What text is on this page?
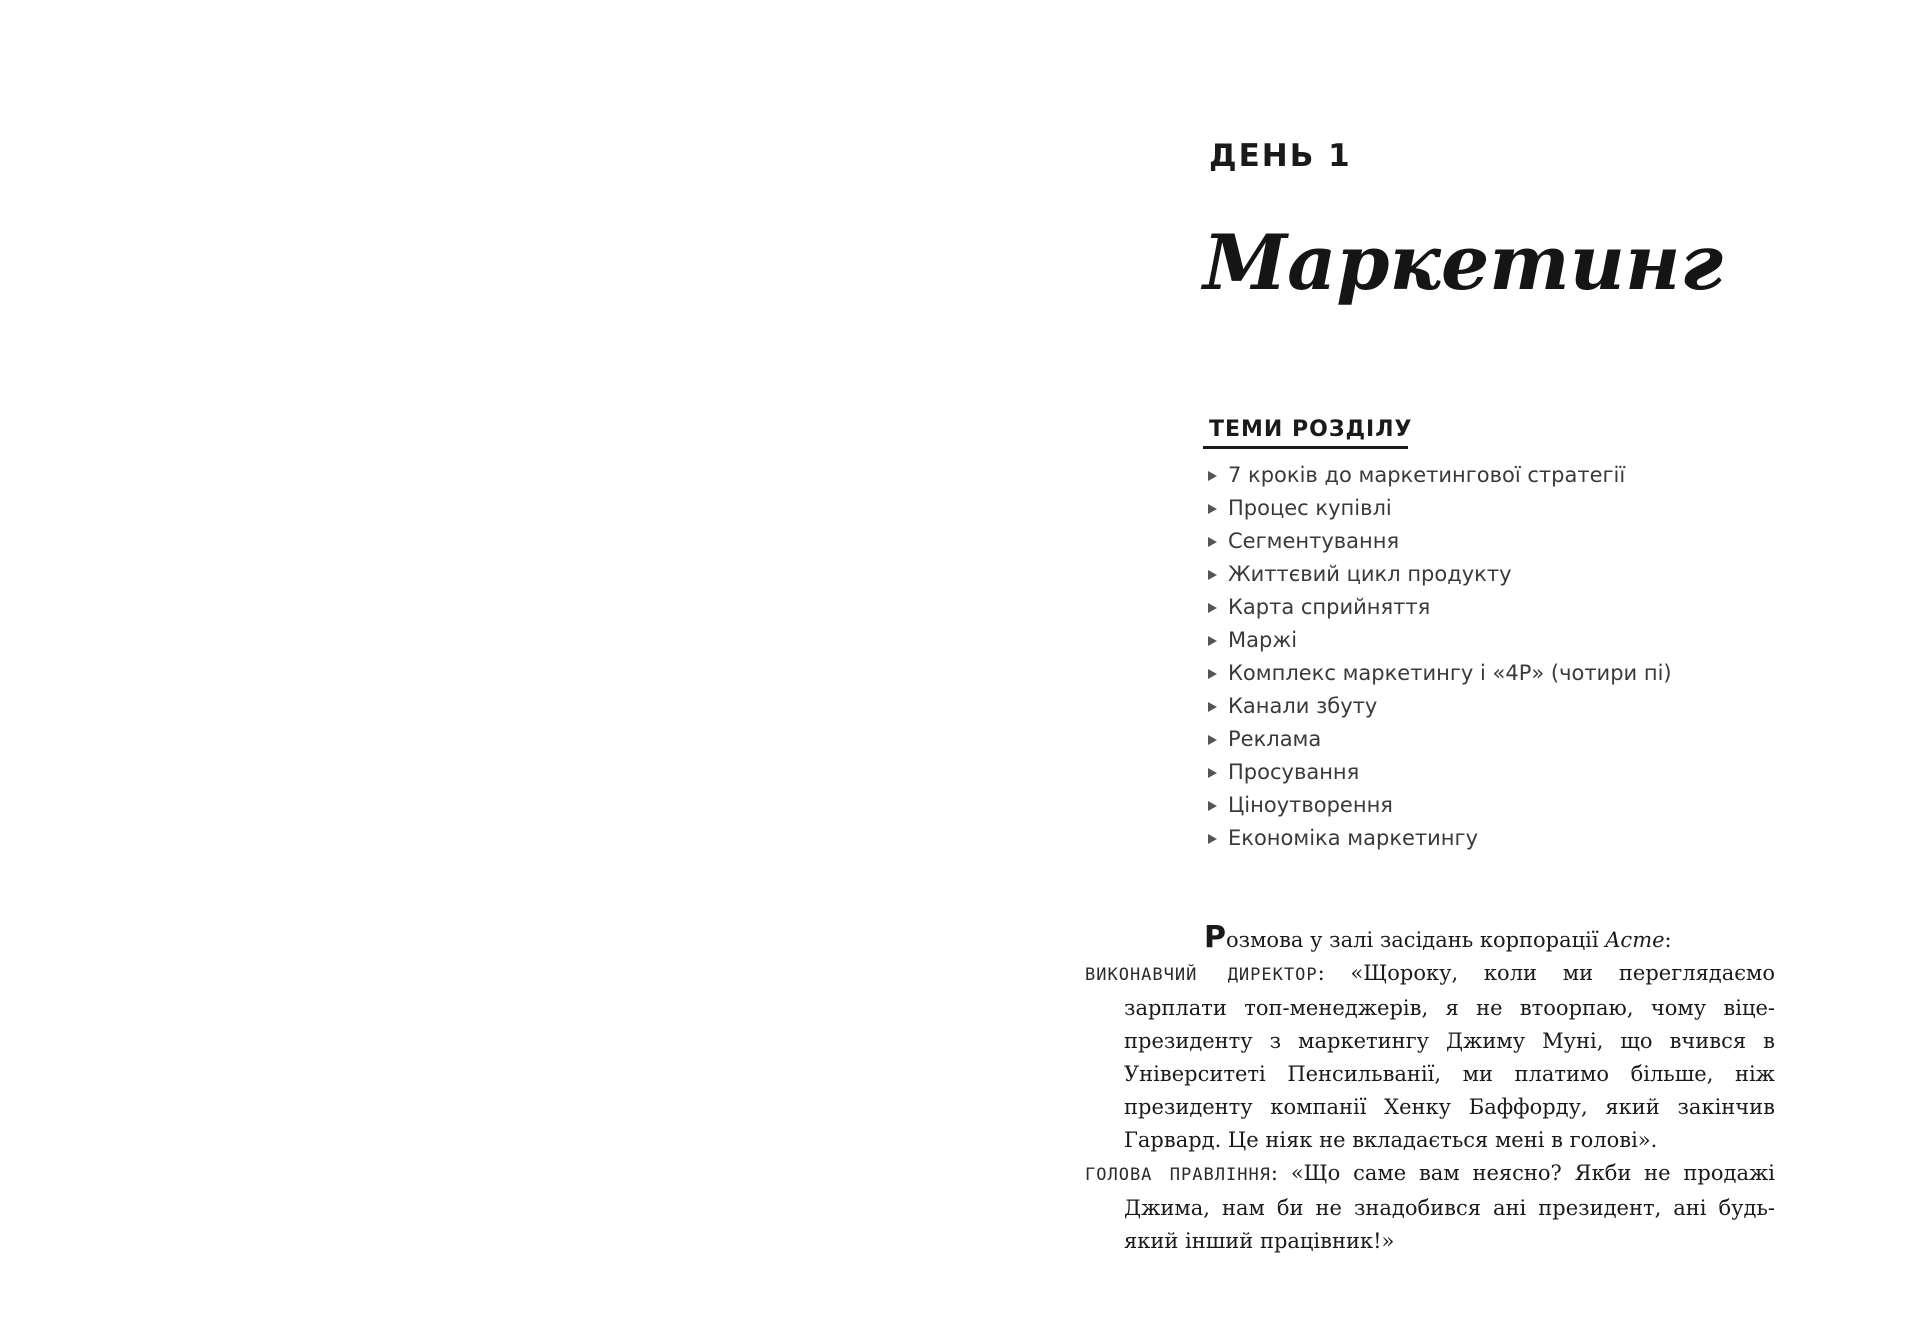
ДЕНЬ 1
Маркетинг
ТЕМИ РОЗДІЛУ
7 кроків до маркетингової стратегії
Процес купівлі
Сегментування
Життєвий цикл продукту
Карта сприйняття
Маржі
Комплекс маркетингу і «4P» (чотири пі)
Канали збуту
Реклама
Просування
Ціноутворення
Економіка маркетингу
Розмова у залі засідань корпорації Acme:
ВИКОНАВЧИЙ ДИРЕКТОР: «Щороку, коли ми переглядаємо зарплати топ-менеджерів, я не втоорпаю, чому віце-президенту з маркетингу Джиму Муні, що вчився в Університеті Пенсильванії, ми платимо більше, ніж президенту компанії Хенку Баффорду, який закінчив Гарвард. Це ніяк не вкладається мені в голові».
ГОЛОВА ПРАВЛІННЯ: «Що саме вам неясно? Якби не продажі Джима, нам би не знадобився ані президент, ані будь-який інший працівник!»
